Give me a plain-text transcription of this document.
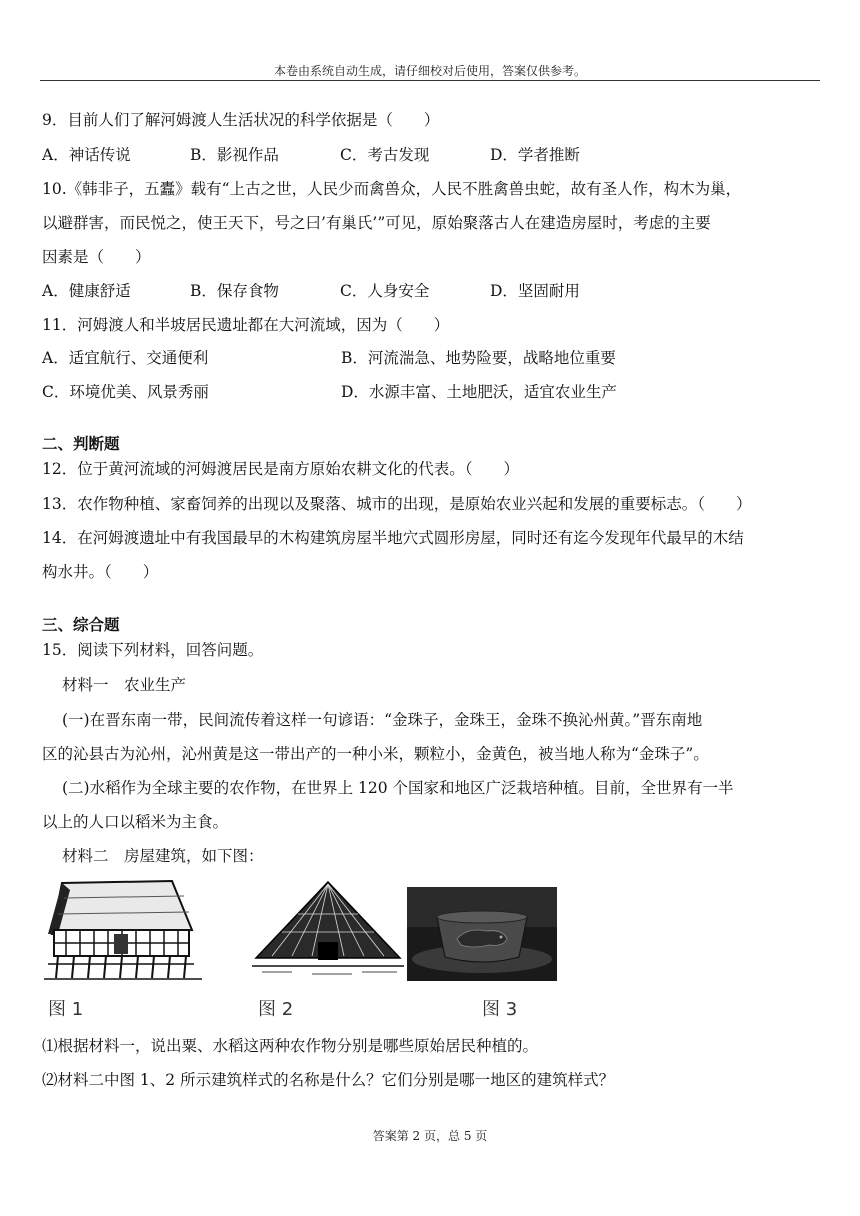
本卷由系统自动生成，请仔细校对后使用，答案仅供参考。
9．目前人们了解河姆渡人生活状况的科学依据是（　　）
A．神话传说	B．影视作品	C．考古发现	D．学者推断
10.《韩非子，五蠹》载有“上古之世，人民少而禽兽众，人民不胜禽兽虫蛇，故有圣人作，构木为巢，
以避群害，而民悦之，使王天下，号之曰’有巢氏’”可见，原始聚落古人在建造房屋时，考虑的主要
因素是（　　）
A．健康舒适	B．保存食物	C．人身安全	D．坚固耐用
11．河姆渡人和半坡居民遗址都在大河流域，因为（　　）
A．适宜航行、交通便利	B．河流湍急、地势险要，战略地位重要
C．环境优美、风景秀丽	D．水源丰富、土地肥沃，适宜农业生产
二、判断题
12．位于黄河流域的河姆渡居民是南方原始农耕文化的代表。（　　）
13．农作物种植、家畜饲养的出现以及聚落、城市的出现，是原始农业兴起和发展的重要标志。（　　）
14．在河姆渡遗址中有我国最早的木构建筑房屋半地穴式圆形房屋，同时还有迄今发现年代最早的木结
构水井。（　　）
三、综合题
15．阅读下列材料，回答问题。
材料一　农业生产
(一)在晋东南一带，民间流传着这样一句谚语：“金珠子，金珠王，金珠不换沁州黄。”晋东南地
区的沁县古为沁州，沁州黄是这一带出产的一种小米，颗粒小，金黄色，被当地人称为“金珠子”。
(二)水稻作为全球主要的农作物，在世界上 120 个国家和地区广泛栽培种植。目前，全世界有一半
以上的人口以稻米为主食。
材料二　房屋建筑，如下图：
图 2
图 1	图 3
⑴根据材料一，说出粟、水稻这两种农作物分别是哪些原始居民种植的。
⑵材料二中图 1、2 所示建筑样式的名称是什么？它们分别是哪一地区的建筑样式？
答案第 2 页，总 5 页
